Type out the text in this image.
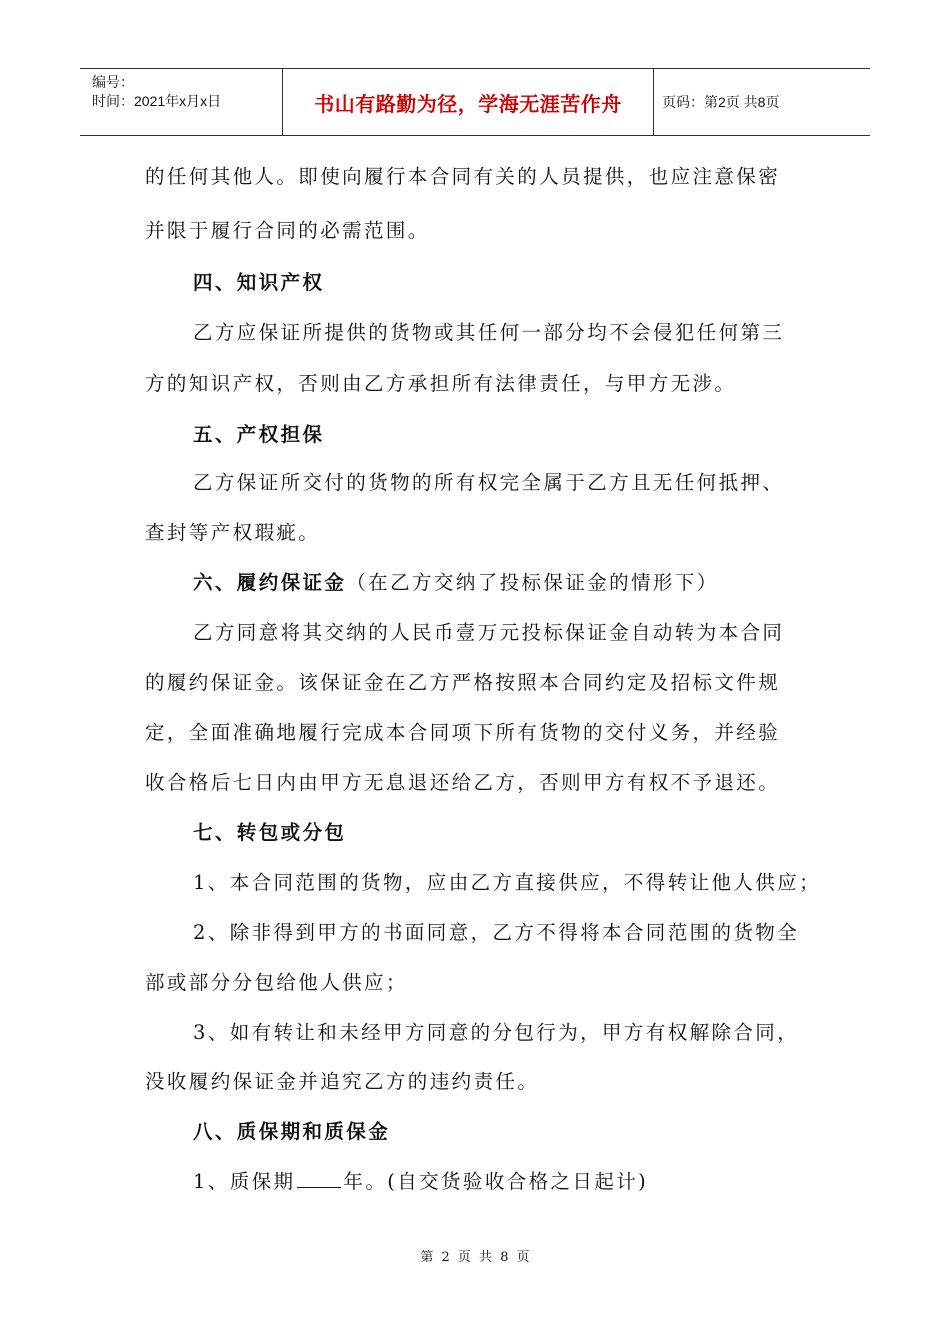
编号：
时间：2021年x月x日	书山有路勤为径，学海无涯苦作舟	页码：第2页 共8页
的任何其他人。即使向履行本合同有关的人员提供，也应注意保密
并限于履行合同的必需范围。
四、知识产权
乙方应保证所提供的货物或其任何一部分均不会侵犯任何第三
方的知识产权，否则由乙方承担所有法律责任，与甲方无涉。
五、产权担保
乙方保证所交付的货物的所有权完全属于乙方且无任何抵押、
查封等产权瑕疵。
六、履约保证金（在乙方交纳了投标保证金的情形下）
乙方同意将其交纳的人民币壹万元投标保证金自动转为本合同
的履约保证金。该保证金在乙方严格按照本合同约定及招标文件规
定，全面准确地履行完成本合同项下所有货物的交付义务，并经验
收合格后七日内由甲方无息退还给乙方，否则甲方有权不予退还。
七、转包或分包
1、本合同范围的货物，应由乙方直接供应，不得转让他人供应；
2、除非得到甲方的书面同意，乙方不得将本合同范围的货物全
部或部分分包给他人供应；
3、如有转让和未经甲方同意的分包行为，甲方有权解除合同，
没收履约保证金并追究乙方的违约责任。
八、质保期和质保金
1、质保期 年。(自交货验收合格之日起计)
第 2 页 共 8 页
